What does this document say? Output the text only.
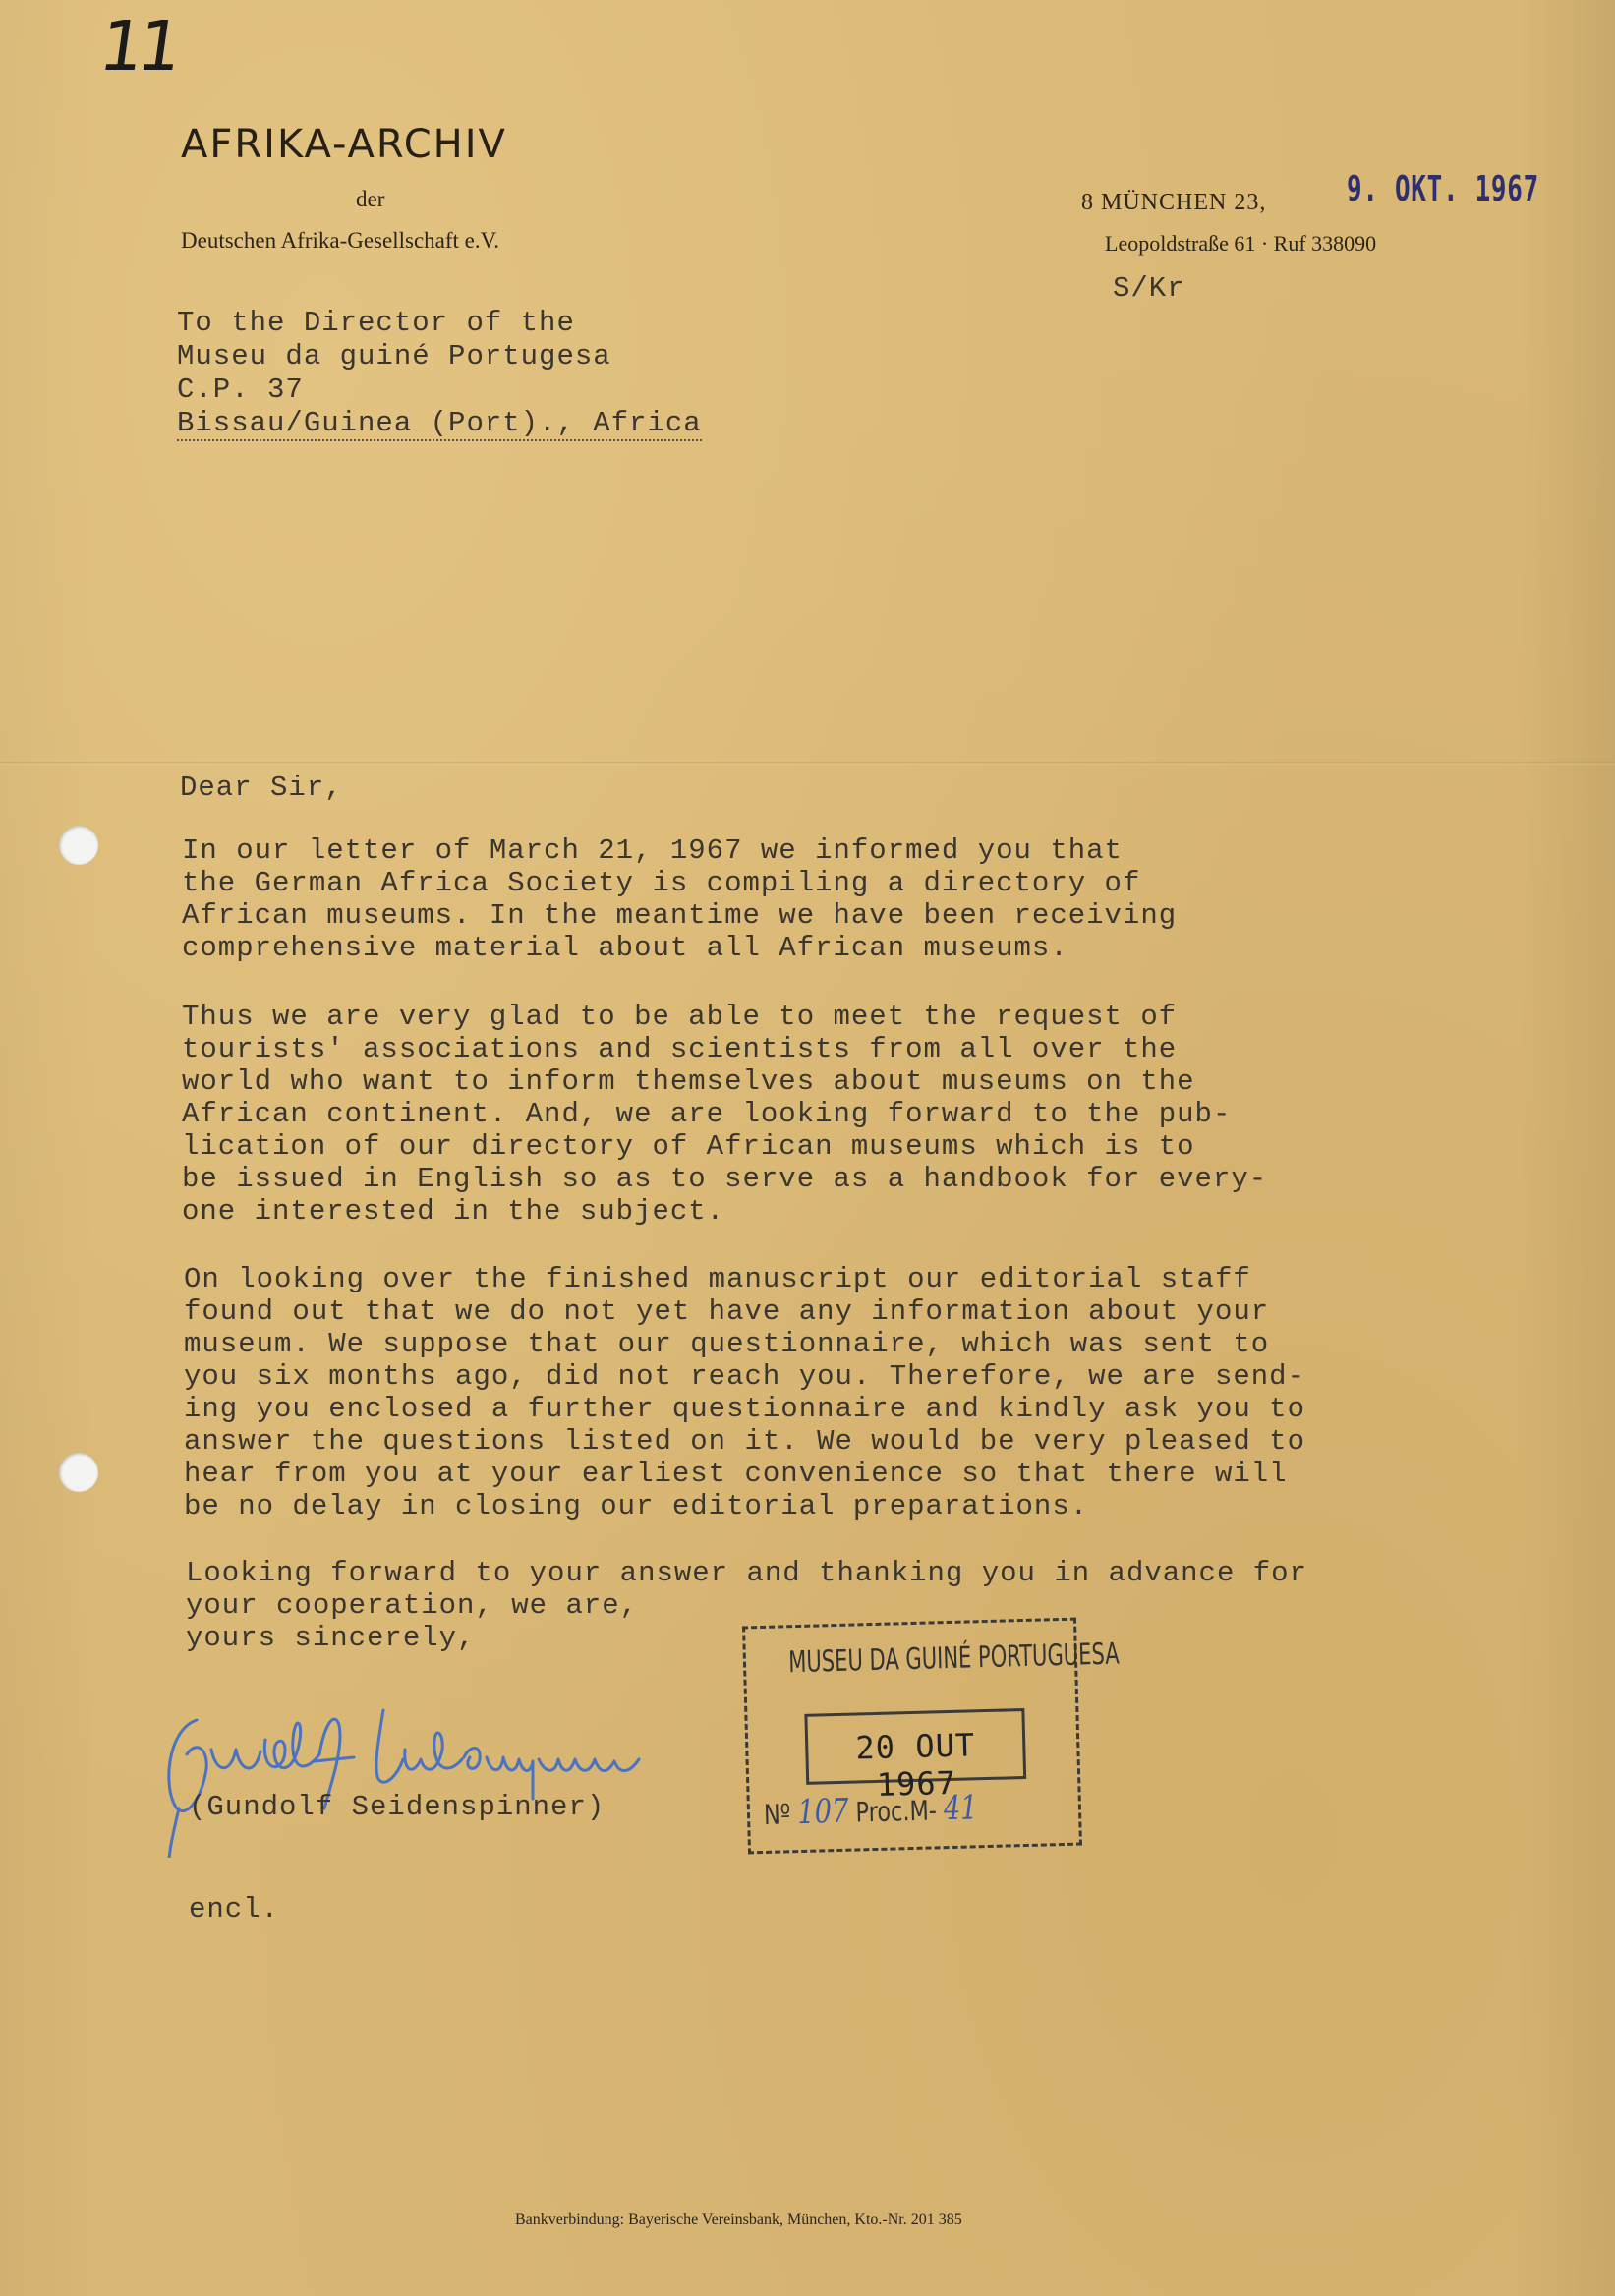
11
AFRIKA-ARCHIV
der
Deutschen Afrika-Gesellschaft e.V.
8 MÜNCHEN 23,
Leopoldstraße 61 · Ruf 338090
9. OKT. 1967
S/Kr
To the Director of the
Museu da guiné Portugesa
C.P. 37
Bissau/Guinea (Port)., Africa
Dear Sir,
In our letter of March 21, 1967 we informed you that
the German Africa Society is compiling a directory of
African museums. In the meantime we have been receiving
comprehensive material about all African museums.
Thus we are very glad to be able to meet the request of
tourists' associations and scientists from all over the
world who want to inform themselves about museums on the
African continent. And, we are looking forward to the pub-
lication of our directory of African museums which is to
be issued in English so as to serve as a handbook for every-
one interested in the subject.
On looking over the finished manuscript our editorial staff
found out that we do not yet have any information about your
museum. We suppose that our questionnaire, which was sent to
you six months ago, did not reach you. Therefore, we are send-
ing you enclosed a further questionnaire and kindly ask you to
answer the questions listed on it. We would be very pleased to
hear from you at your earliest convenience so that there will
be no delay in closing our editorial preparations.
Looking forward to your answer and thanking you in advance for
your cooperation, we are,
yours sincerely,
(Gundolf Seidenspinner)
encl.
MUSEU DA GUINÉ PORTUGUESA
20 OUT 1967
Nº 107 Proc.M- 41
Bankverbindung: Bayerische Vereinsbank, München, Kto.-Nr. 201 385
